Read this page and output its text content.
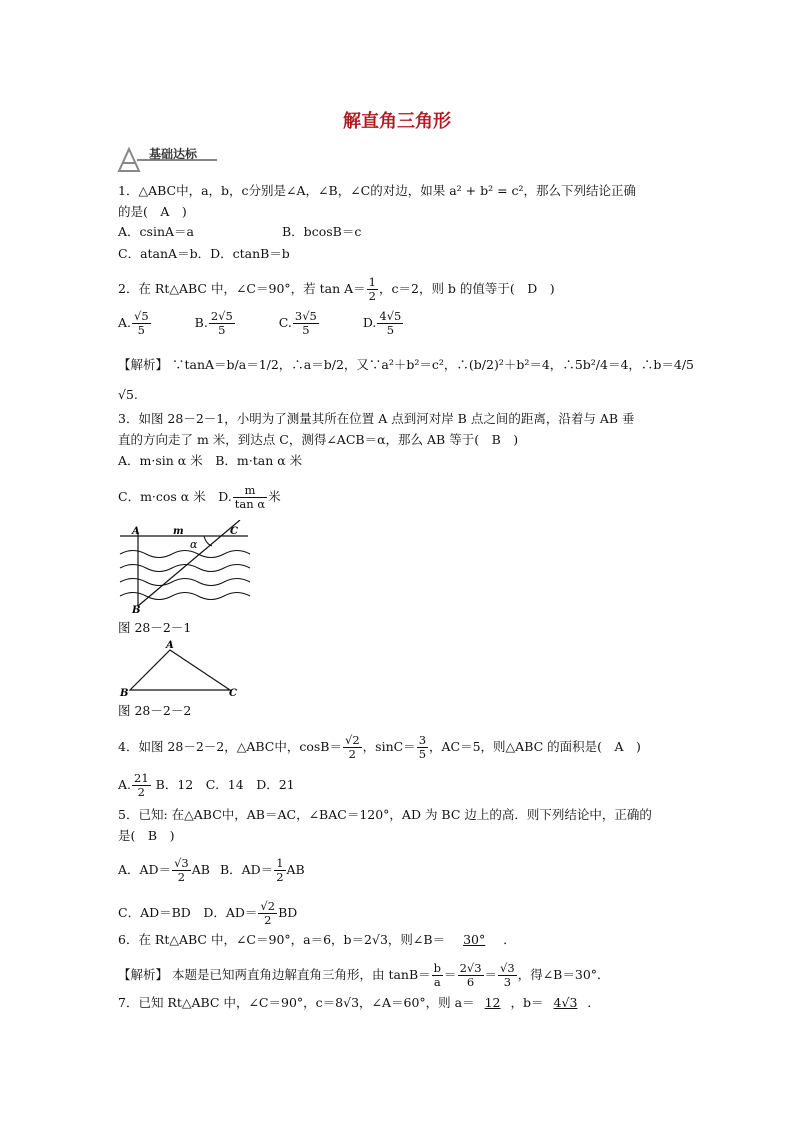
解直角三角形
基础达标
1．△ABC中，a，b，c分别是∠A，∠B，∠C的对边，如果 a² + b² = c²，那么下列结论正确
的是(　A　)
A．csinA＝a	B．bcosB＝c
C．atanA＝b．D．ctanB＝b
2．在 Rt△ABC 中，∠C＝90°，若 $\tan A= \frac{1}{2}$ ，c＝2，则 b 的值等于(　D　)
A. $\frac{√5}{5}$	B. $\frac{2√5}{5}$	C. $\frac{3√5}{5}$	D. $\frac{4√5}{5}$
【解析】 ∵tanA＝b/a＝1/2，∴a＝b/2，又∵a²＋b²＝c²，∴(b/2)²＋b²＝4，∴5b²/4＝4，∴b＝4/5
√5.
3．如图 28－2－1，小明为了测量其所在位置 A 点到河对岸 B 点之间的距离，沿着与 AB 垂
直的方向走了 m 米，到达点 C，测得∠ACB＝α，那么 AB 等于(　B　)
A．m·sin α 米　B．m·tan α 米
C．m·cos α 米　D. $\frac{m}{\text{tan α}}$ 米
A	m	C
α
B
图 28－2－1
A
B	C
图 28－2－2
4．如图 28－2－2，△ABC中，$\cos B= \frac{√2}{2}$ ，$\sin C= \frac{3}{5}$ ，AC＝5，则△ABC 的面积是(　A　)
A. $\frac{21}{2}$ B．12　C．14　D．21
5．已知: 在△ABC中，AB＝AC，∠BAC＝120°，AD 为 BC 边上的高．则下列结论中，正确的
是(　B　)
A．$AD= \frac{√3}{2}$ AB B．$AD= \frac{1}{2}$ AB
C．AD＝BD　D．$AD= \frac{√2}{2}$ BD
6．在 Rt△ABC 中，∠C＝90°，a＝6，b＝2√3，则∠B＝ 30° ．
【解析】 本题是已知两直角边解直角三角形，由 $\tan B= \frac{b}{a} = \frac{2√3}{6} = \frac{√3}{3}$ ，得∠B＝30°．
7．已知 Rt△ABC 中，∠C＝90°，c＝8√3，∠A＝60°，则 a＝ 12 ，b＝ 4√3 ．
